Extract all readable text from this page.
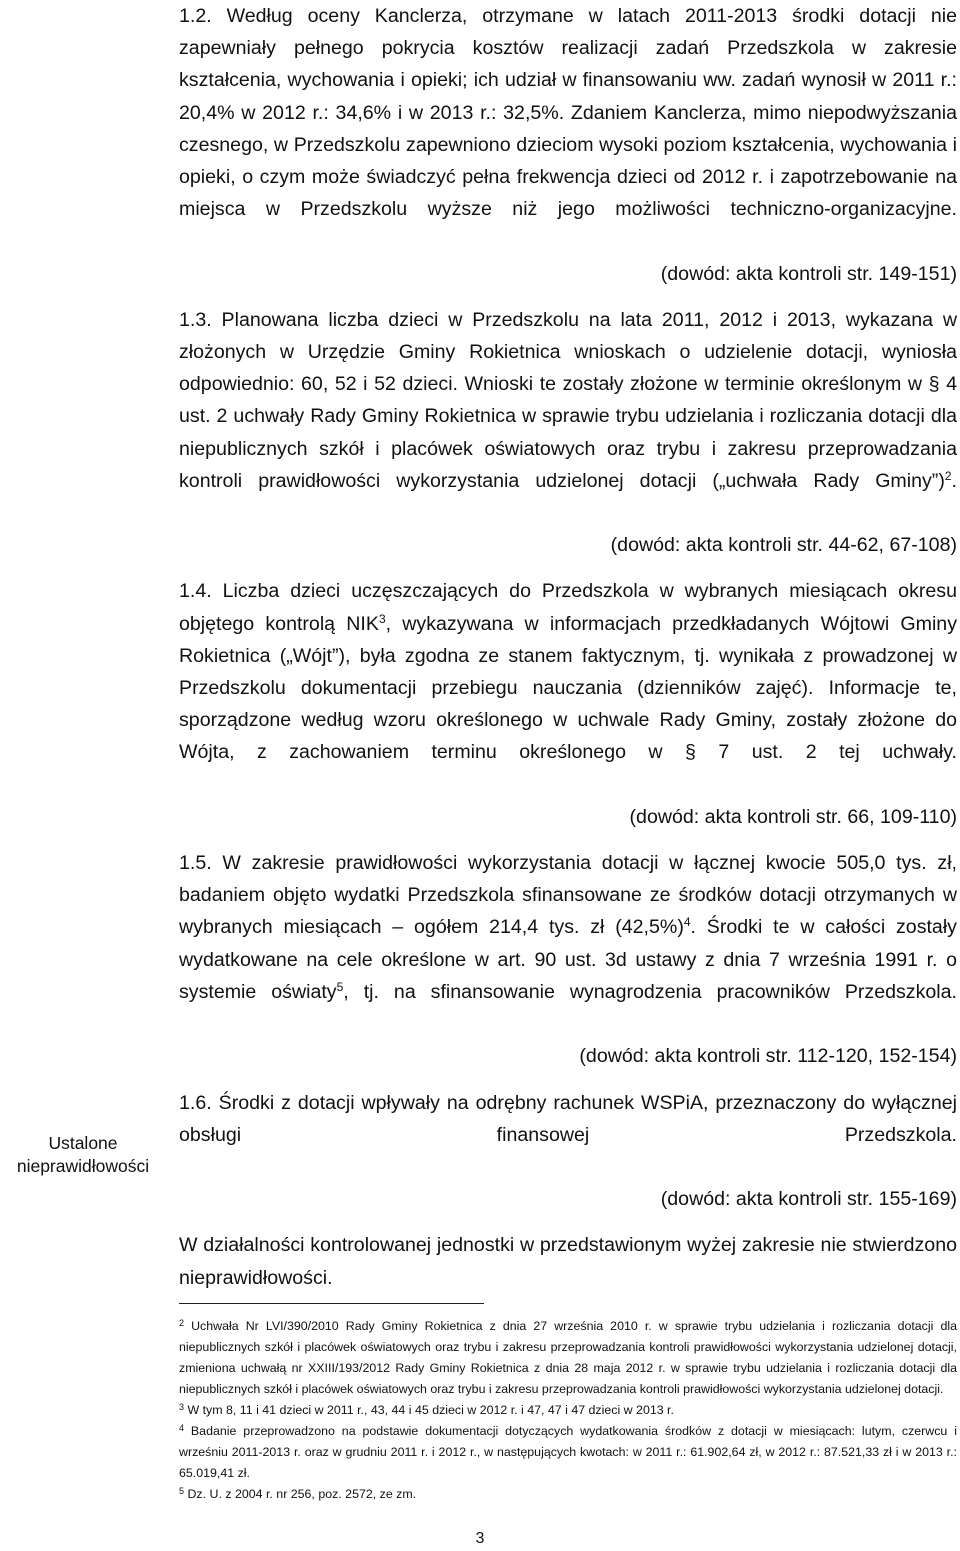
Ustalone
nieprawidłowości

1.2. Według oceny Kanclerza, otrzymane w latach 2011-2013 środki dotacji nie zapewniały pełnego pokrycia kosztów realizacji zadań Przedszkola w zakresie kształcenia, wychowania i opieki; ich udział w finansowaniu ww. zadań wynosił w 2011 r.: 20,4% w 2012 r.: 34,6% i w 2013 r.: 32,5%. Zdaniem Kanclerza, mimo niepodwyższania czesnego, w Przedszkolu zapewniono dzieciom wysoki poziom kształcenia, wychowania i opieki, o czym może świadczyć pełna frekwencja dzieci od 2012 r. i zapotrzebowanie na miejsca w Przedszkolu wyższe niż jego możliwości techniczno-organizacyjne.

(dowód: akta kontroli str. 149-151)

1.3. Planowana liczba dzieci w Przedszkolu na lata 2011, 2012 i 2013, wykazana w złożonych w Urzędzie Gminy Rokietnica wnioskach o udzielenie dotacji, wyniosła odpowiednio: 60, 52 i 52 dzieci. Wnioski te zostały złożone w terminie określonym w § 4 ust. 2 uchwały Rady Gminy Rokietnica w sprawie trybu udzielania i rozliczania dotacji dla niepublicznych szkół i placówek oświatowych oraz trybu i zakresu przeprowadzania kontroli prawidłowości wykorzystania udzielonej dotacji („uchwała Rady Gminy”)$^2$.

(dowód: akta kontroli str. 44-62, 67-108)

1.4. Liczba dzieci uczęszczających do Przedszkola w wybranych miesiącach okresu objętego kontrolą NIK$^3$, wykazywana w informacjach przedkładanych Wójtowi Gminy Rokietnica („Wójt”), była zgodna ze stanem faktycznym, tj. wynikała z prowadzonej w Przedszkolu dokumentacji przebiegu nauczania (dzienników zajęć). Informacje te, sporządzone według wzoru określonego w uchwale Rady Gminy, zostały złożone do Wójta, z zachowaniem terminu określonego w § 7 ust. 2 tej uchwały.

(dowód: akta kontroli str. 66, 109-110)

1.5. W zakresie prawidłowości wykorzystania dotacji w łącznej kwocie 505,0 tys. zł, badaniem objęto wydatki Przedszkola sfinansowane ze środków dotacji otrzymanych w wybranych miesiącach – ogółem 214,4 tys. zł $(42,5\%)^4$. Środki te w całości zostały wydatkowane na cele określone w art. 90 ust. 3d ustawy z dnia 7 września 1991 r. o systemie oświaty$^5$, tj. na sfinansowanie wynagrodzenia pracowników Przedszkola.

(dowód: akta kontroli str. 112-120, 152-154)

1.6. Środki z dotacji wpływały na odrębny rachunek WSPiA, przeznaczony do wyłącznej obsługi finansowej Przedszkola.

(dowód: akta kontroli str. 155-169)

W działalności kontrolowanej jednostki w przedstawionym wyżej zakresie nie stwierdzono nieprawidłowości.

$^2$ Uchwała Nr LVI/390/2010 Rady Gminy Rokietnica z dnia 27 września 2010 r. w sprawie trybu udzielania i rozliczania dotacji dla niepublicznych szkół i placówek oświatowych oraz trybu i zakresu przeprowadzania kontroli prawidłowości wykorzystania udzielonej dotacji, zmieniona uchwałą nr XXIII/193/2012 Rady Gminy Rokietnica z dnia 28 maja 2012 r. w sprawie trybu udzielania i rozliczania dotacji dla niepublicznych szkół i placówek oświatowych oraz trybu i zakresu przeprowadzania kontroli prawidłowości wykorzystania udzielonej dotacji.

$^3$ W tym 8, 11 i 41 dzieci w 2011 r., 43, 44 i 45 dzieci w 2012 r. i 47, 47 i 47 dzieci w 2013 r.

$^4$ Badanie przeprowadzono na podstawie dokumentacji dotyczących wydatkowania środków z dotacji w miesiącach: lutym, czerwcu i wrześniu 2011-2013 r. oraz w grudniu 2011 r. i 2012 r., w następujących kwotach: w 2011 r.: 61.902,64 zł, w 2012 r.: 87.521,33 zł i w 2013 r.: 65.019,41 zł.

$^5$ Dz. U. z 2004 r. nr 256, poz. 2572, ze zm.

3
